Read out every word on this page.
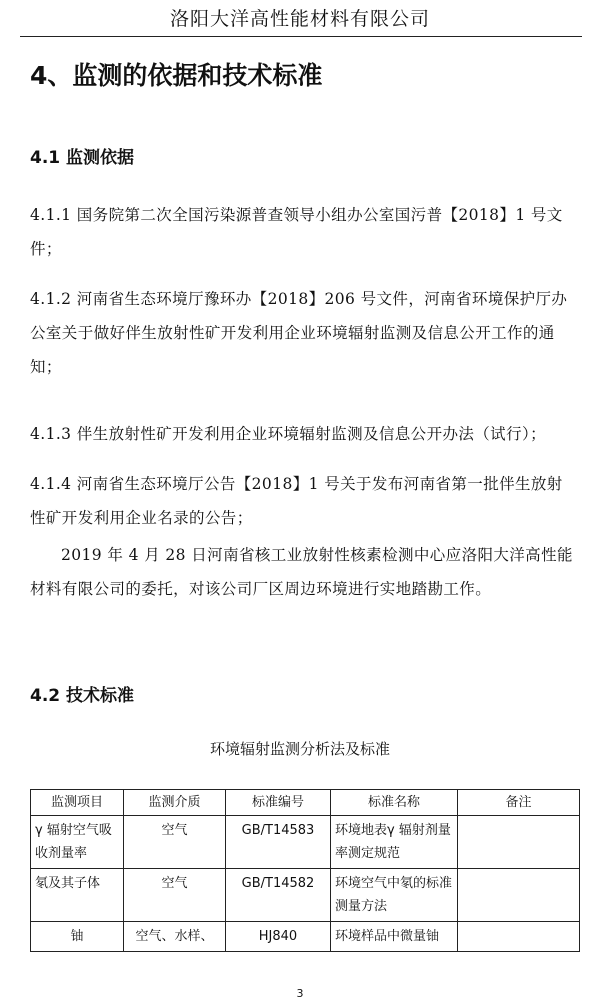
洛阳大洋高性能材料有限公司
4、监测的依据和技术标准
4.1 监测依据

4.1.1 国务院第二次全国污染源普查领导小组办公室国污普【2018】1 号文件；

4.1.2 河南省生态环境厅豫环办【2018】206 号文件，河南省环境保护厅办公室关于做好伴生放射性矿开发利用企业环境辐射监测及信息公开工作的通知；

4.1.3 伴生放射性矿开发利用企业环境辐射监测及信息公开办法（试行）；

4.1.4 河南省生态环境厅公告【2018】1 号关于发布河南省第一批伴生放射性矿开发利用企业名录的公告；

2019 年 4 月 28 日河南省核工业放射性核素检测中心应洛阳大洋高性能材料有限公司的委托，对该公司厂区周边环境进行实地踏勘工作。

4.2 技术标准

环境辐射监测分析法及标准

监测项目	监测介质	标准编号	标准名称	备注
γ 辐射空气吸收剂量率	空气	GB/T14583	环境地表γ 辐射剂量率测定规范	
氡及其子体	空气	GB/T14582	环境空气中氡的标准测量方法	
铀	空气、水样、	HJ840	环境样品中微量铀	
3
